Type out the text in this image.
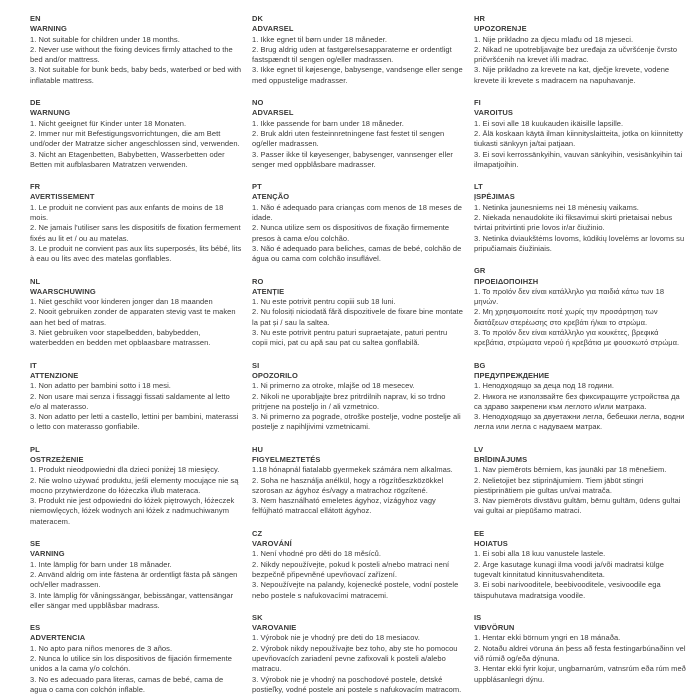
EN
WARNING

1. Not suitable for children under 18 months.

2. Never use without the fixing devices firmly attached to the bed and/or mattress.

3. Not suitable for bunk beds, baby beds, waterbed or bed with inflatable mattress.

DE
WARNUNG

1. Nicht geeignet für Kinder unter 18 Monaten.

2. Immer nur mit Befestigungsvorrichtungen, die am Bett und/oder der Matratze sicher angeschlossen sind, verwenden.

3. Nicht an Etagenbetten, Babybetten, Wasserbetten oder Betten mit aufblasbaren Matratzen verwenden.

FR
AVERTISSEMENT

1. Le produit ne convient pas aux enfants de moins de 18 mois.

2. Ne jamais l'utiliser sans les dispositifs de fixation fermement fixés au lit et / ou au matelas.

3. Le produit ne convient pas aux lits superposés, lits bébé, lits à eau ou lits avec des matelas gonflables.

NL
WAARSCHUWING

1. Niet geschikt voor kinderen jonger dan 18 maanden

2. Nooit gebruiken zonder de apparaten stevig vast te maken aan het bed of matras.

3. Niet gebruiken voor stapelbedden, babybedden, waterbedden en bedden met opblaasbare matrassen.

IT
ATTENZIONE

1. Non adatto per bambini sotto i 18 mesi.

2. Non usare mai senza i fissaggi fissati saldamente al letto e/o al materasso.

3. Non adatto per letti a castello, lettini per bambini, materassi o letto con materasso gonfiabile.

PL
OSTRZEŻENIE

1. Produkt nieodpowiedni dla dzieci poniżej 18 miesięcy.

2. Nie wolno używać produktu, jeśli elementy mocujące nie są mocno przytwierdzone do łóżeczka i/lub materaca.

3. Produkt nie jest odpowiedni do łóżek piętrowych, łóżeczek niemowlęcych, łóżek wodnych ani łóżek z nadmuchiwanym materacem.

SE
VARNING

1. Inte lämplig för barn under 18 månader.

2. Använd aldrig om inte fästena är ordentligt fästa på sängen och/eller madrassen.

3. Inte lämplig för våningssängar, bebissängar, vattensängar eller sängar med uppblåsbar madrass.

ES
ADVERTENCIA

1. No apto para niños menores de 3 años.

2. Nunca lo utilice sin los dispositivos de fijación firmemente unidos a la cama y/o colchón.

3. No es adecuado para literas, camas de bebé, cama de agua o cama con colchón inflable.

DK
ADVARSEL

1. Ikke egnet til børn under 18 måneder.

2. Brug aldrig uden at fastgørelsesapparaterne er ordentligt fastspændt til sengen og/eller madrassen.

3. Ikke egnet til køjesenge, babysenge, vandsenge eller senge med oppustelige madrasser.

NO
ADVARSEL

1. Ikke passende for barn under 18 måneder.

2. Bruk aldri uten festeinnretningene fast festet til sengen og/eller madrassen.

3. Passer ikke til køyesenger, babysenger, vannsenger eller senger med oppblåsbare madrasser.

PT
ATENÇÃO

1. Não é adequado para crianças com menos de 18 meses de idade.

2. Nunca utilize sem os dispositivos de fixação firmemente presos à cama e/ou colchão.

3. Não é adequado para beliches, camas de bebé, colchão de água ou cama com colchão insuflável.

RO
ATENȚIE

1. Nu este potrivit pentru copiii sub 18 luni.

2. Nu folosiți niciodată fără dispozitivele de fixare bine montate la pat și / sau la saltea.

3. Nu este potrivit pentru paturi supraetajate, paturi pentru copii mici, pat cu apă sau pat cu saltea gonflabilă.

SI
OPOZORILO

1. Ni primerno za otroke, mlajše od 18 mesecev.

2. Nikoli ne uporabljajte brez pritrdilnih naprav, ki so trdno pritrjene na posteljo in / ali vzmetnico.

3. Ni primerno za pograde, otroške postelje, vodne postelje ali postelje z napihljivimi vzmetnicami.

HU
FIGYELMEZTETÉS

1.18 hónapnál fiatalabb gyermekek számára nem alkalmas.

2. Soha ne használja anélkül, hogy a rögzítőeszközökkel szorosan az ágyhoz és/vagy a matrachoz rögzítené.

3. Nem használható emeletes ágyhoz, vízágyhoz vagy felfújható matraccal ellátott ágyhoz.

CZ
VAROVÁNÍ

1. Není vhodné pro děti do 18 měsíců.

2. Nikdy nepoužívejte, pokud k posteli a/nebo matraci není bezpečně připevněné upevňovací zařízení.

3. Nepoužívejte na palandy, kojenecké postele, vodní postele nebo postele s nafukovacími matracemi.

SK
VAROVANIE

1. Výrobok nie je vhodný pre deti do 18 mesiacov.

2. Výrobok nikdy nepoužívajte bez toho, aby ste ho pomocou upevňovacích zariadení pevne zafixovali k posteli a/alebo matracu.

3. Výrobok nie je vhodný na poschodové postele, detské postieľky, vodné postele ani postele s nafukovacím matracom.

HR
UPOZORENJE

1. Nije prikladno za djecu mlađu od 18 mjeseci.

2. Nikad ne upotrebljavajte bez uređaja za učvršćenje čvrsto pričvršćenih na krevet i/ili madrac.

3. Nije prikladno za krevete na kat, dječje krevete, vodene krevete ili krevete s madracem na napuhavanje.

FI
VAROITUS

1. Ei sovi alle 18 kuukauden ikäisille lapsille.

2. Älä koskaan käytä ilman kiinnityslaitteita, jotka on kiinnitetty tiukasti sänkyyn ja/tai patjaan.

3. Ei sovi kerrossänkyihin, vauvan sänkyihin, vesisänkyihin tai ilmapatjoihin.

LT
ĮSPĖJIMAS

1. Netinka jaunesniems nei 18 mėnesių vaikams.

2. Niekada nenaudokite iki fiksavimui skirti prietaisai nebus tvirtai pritvirtinti prie lovos ir/ar čiužinio.

3. Netinka dviaukštėms lovoms, kūdikių lovelėms ar lovoms su pripučiamais čiužiniais.

GR
ΠΡΟΕΙΔΟΠΟΙΗΣΗ

1. Το προϊόν δεν είναι κατάλληλο για παιδιά κάτω των 18 μηνών.

2. Μη χρησιμοποιείτε ποτέ χωρίς την προσάρτηση των διατάξεων στερέωσης στο κρεβάτι ή/και το στρώμα.

3. Το προϊόν δεν είναι κατάλληλο για κουκέτες, βρεφικά κρεβάτια, στρώματα νερού ή κρεβάτια με φουσκωτό στρώμα.

BG
ПРЕДУПРЕЖДЕНИЕ

1. Неподходящо за деца под 18 години.

2. Никога не използвайте без фиксиращите устройства да са здраво закрепени към леглото и/или матрака.

3. Неподходящо за двуетажни легла, бебешки легла, водни легла или легла с надуваем матрак.

LV
BRĪDINĀJUMS

1. Nav piemērots bērniem, kas jaunāki par 18 mēnešiem.

2. Nelietojiet bez stiprinājumiem. Tiem jābūt stingri piestiprinātiem pie gultas un/vai matrača.

3. Nav piemērots divstāvu gultām, bērnu gultām, ūdens gultai vai gultai ar piepūšamo matraci.

EE
HOIATUS

1. Ei sobi alla 18 kuu vanustele lastele.

2. Ärge kasutage kunagi ilma voodi ja/või madratsi külge tugevalt kinnitatud kinnitusvahenditeta.

3. Ei sobi narivooditele, beebivooditele, vesivoodile ega täispuhutava madratsiga voodile.

IS
VIÐVÖRUN

1. Hentar ekki börnum yngri en 18 mánaða.

2. Notaðu aldrei vöruna án þess að festa festingarbúnaðinn vel við rúmið og/eða dýnuna.

3. Hentar ekki fyrir kojur, ungbarnarúm, vatnsrúm eða rúm með uppblásanlegri dýnu.
